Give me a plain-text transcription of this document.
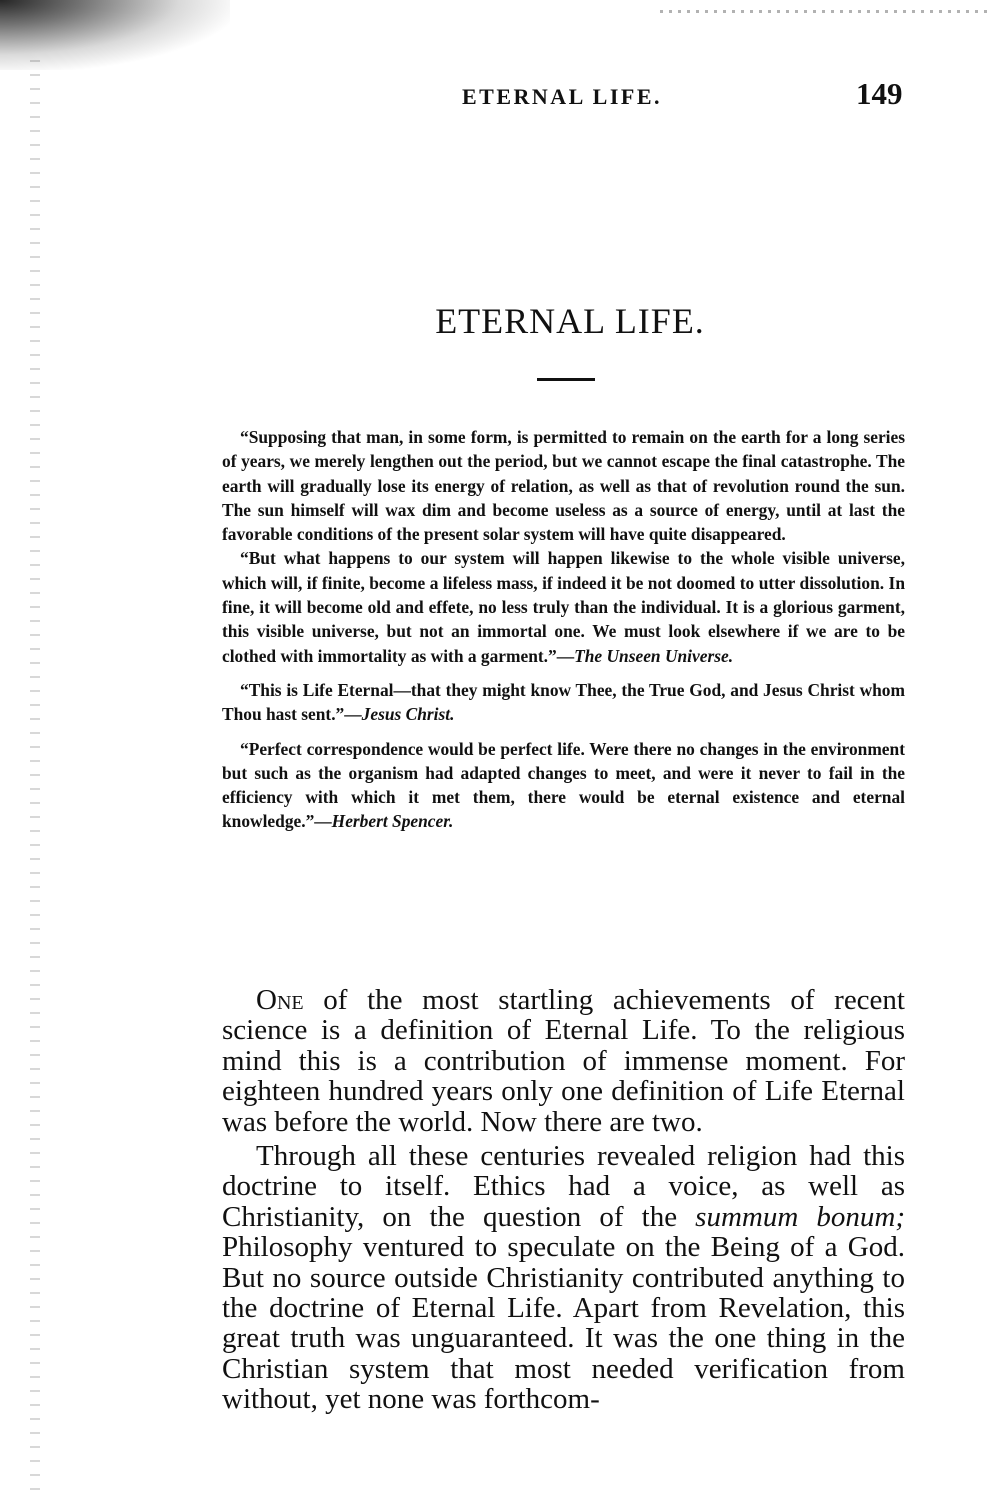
ETERNAL LIFE.	149
ETERNAL LIFE.

“Supposing that man, in some form, is permitted to remain on the earth for a long series of years, we merely lengthen out the period, but we cannot escape the final catastrophe. The earth will gradually lose its energy of relation, as well as that of revolution round the sun. The sun himself will wax dim and become useless as a source of energy, until at last the favorable conditions of the present solar system will have quite disappeared.

“But what happens to our system will happen likewise to the whole visible universe, which will, if finite, become a lifeless mass, if indeed it be not doomed to utter dissolution. In fine, it will become old and effete, no less truly than the individual. It is a glorious garment, this visible universe, but not an immortal one. We must look elsewhere if we are to be clothed with immortality as with a garment.”—The Unseen Universe.

“This is Life Eternal—that they might know Thee, the True God, and Jesus Christ whom Thou hast sent.”—Jesus Christ.

“Perfect correspondence would be perfect life. Were there no changes in the environment but such as the organism had adapted changes to meet, and were it never to fail in the efficiency with which it met them, there would be eternal existence and eternal knowledge.”—Herbert Spencer.

One of the most startling achievements of recent science is a definition of Eternal Life. To the religious mind this is a contribution of immense moment. For eighteen hundred years only one definition of Life Eternal was before the world. Now there are two.

Through all these centuries revealed religion had this doctrine to itself. Ethics had a voice, as well as Christianity, on the question of the summum bonum; Philosophy ventured to speculate on the Being of a God. But no source outside Christianity contributed anything to the doctrine of Eternal Life. Apart from Revelation, this great truth was unguaranteed. It was the one thing in the Christian system that most needed verification from without, yet none was forthcom-
